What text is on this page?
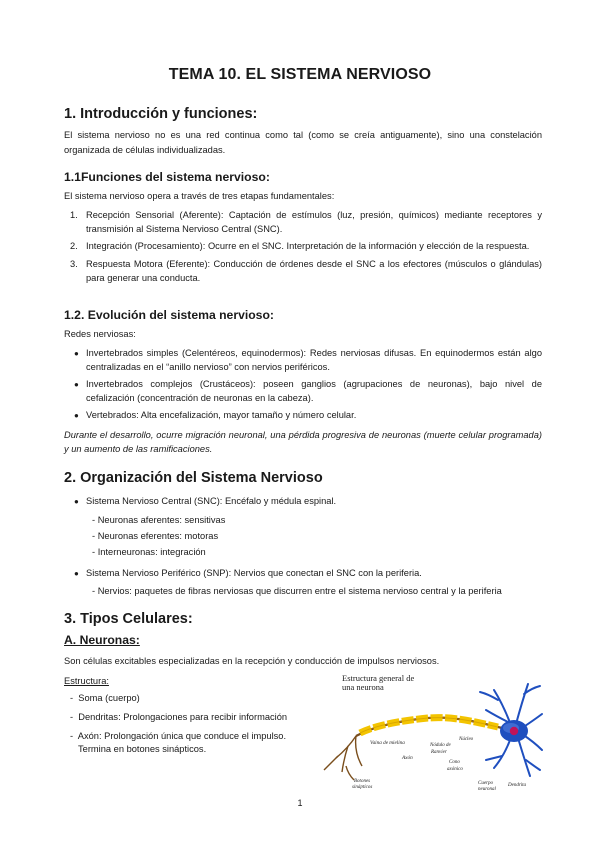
TEMA 10. EL SISTEMA NERVIOSO
1. Introducción y funciones:
El sistema nervioso no es una red continua como tal (como se creía antiguamente), sino una constelación organizada de células individualizadas.
1.1Funciones del sistema nervioso:
El sistema nervioso opera a través de tres etapas fundamentales:
1. Recepción Sensorial (Aferente): Captación de estímulos (luz, presión, químicos) mediante receptores y transmisión al Sistema Nervioso Central (SNC).
2. Integración (Procesamiento): Ocurre en el SNC. Interpretación de la información y elección de la respuesta.
3. Respuesta Motora (Eferente): Conducción de órdenes desde el SNC a los efectores (músculos o glándulas) para generar una conducta.
1.2. Evolución del sistema nervioso:
Redes nerviosas:
● Invertebrados simples (Celentéreos, equinodermos): Redes nerviosas difusas. En equinodermos están algo centralizadas en el “anillo nervioso” con nervios periféricos.
● Invertebrados complejos (Crustáceos): poseen ganglios (agrupaciones de neuronas), bajo nivel de cefalización (concentración de neuronas en la cabeza).
● Vertebrados: Alta encefalización, mayor tamaño y número celular.
Durante el desarrollo, ocurre migración neuronal, una pérdida progresiva de neuronas (muerte celular programada) y un aumento de las ramificaciones.
2. Organización del Sistema Nervioso
● Sistema Nervioso Central (SNC): Encéfalo y médula espinal.
- Neuronas aferentes: sensitivas
- Neuronas eferentes: motoras
- Interneuronas: integración
● Sistema Nervioso Periférico (SNP): Nervios que conectan el SNC con la periferia.
- Nervios: paquetes de fibras nerviosas que discurren entre el sistema nervioso central y la periferia
3. Tipos Celulares:
A. Neuronas:
Son células excitables especializadas en la recepción y conducción de impulsos nerviosos.
Estructura:
- Soma (cuerpo)
- Dendritas: Prolongaciones para recibir información
- Axón: Prolongación única que conduce el impulso.
Termina en botones sinápticos.
Estructura general de
una neurona
Vaina de mielina
Axón
Nódulo de
Ranvier
Núcleo
Cono
axónico
Cuerpo
neuronal
Dendrita
Botones
sinápticos
1
